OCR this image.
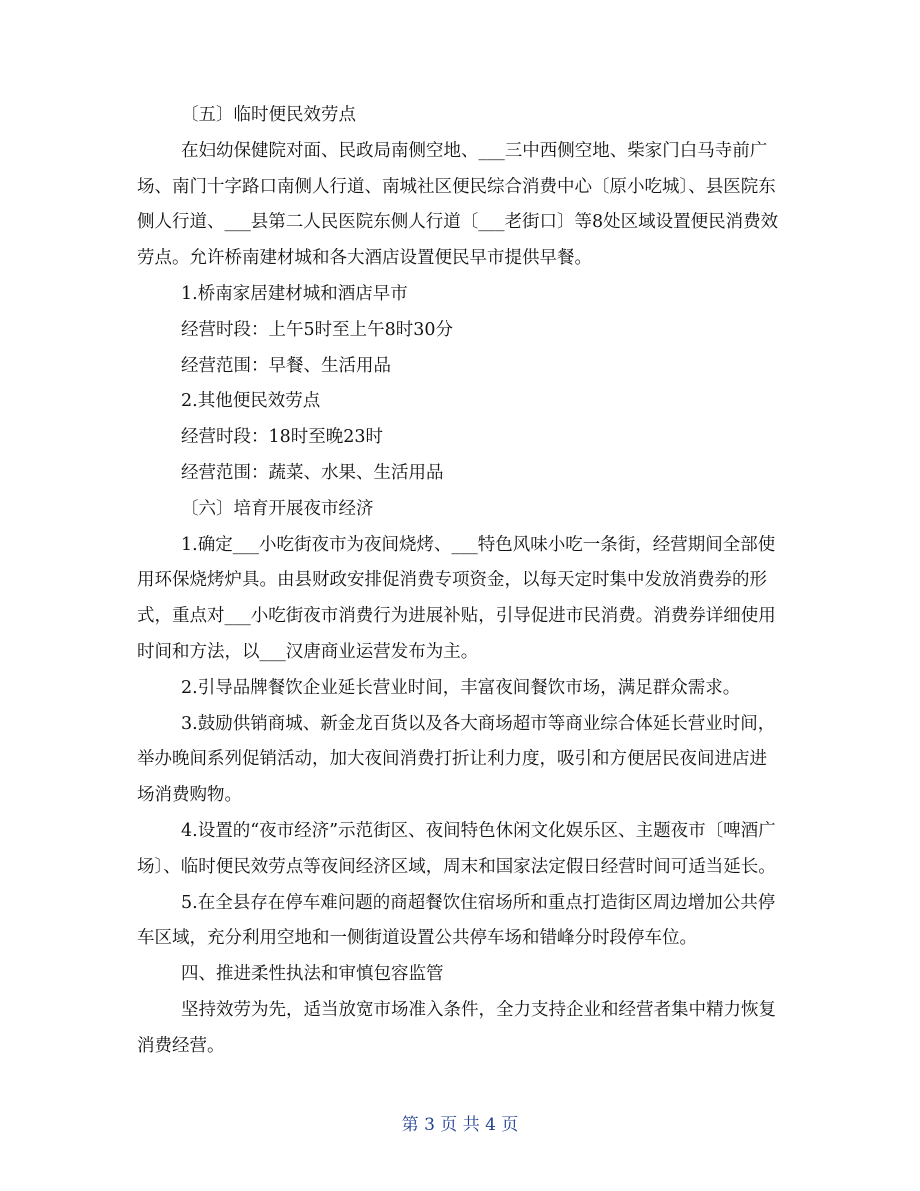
〔五〕临时便民效劳点

在妇幼保健院对面、民政局南侧空地、___三中西侧空地、柴家门白马寺前广场、南门十字路口南侧人行道、南城社区便民综合消费中心〔原小吃城〕、县医院东侧人行道、___县第二人民医院东侧人行道〔___老街口〕等8处区域设置便民消费效劳点。允许桥南建材城和各大酒店设置便民早市提供早餐。

1.桥南家居建材城和酒店早市

经营时段：上午5时至上午8时30分

经营范围：早餐、生活用品

2.其他便民效劳点

经营时段：18时至晚23时

经营范围：蔬菜、水果、生活用品

〔六〕培育开展夜市经济

1.确定___小吃街夜市为夜间烧烤、___特色风味小吃一条街，经营期间全部使用环保烧烤炉具。由县财政安排促消费专项资金，以每天定时集中发放消费券的形式，重点对___小吃街夜市消费行为进展补贴，引导促进市民消费。消费券详细使用时间和方法，以___汉唐商业运营发布为主。

2.引导品牌餐饮企业延长营业时间，丰富夜间餐饮市场，满足群众需求。

3.鼓励供销商城、新金龙百货以及各大商场超市等商业综合体延长营业时间，举办晚间系列促销活动，加大夜间消费打折让利力度，吸引和方便居民夜间进店进场消费购物。

4.设置的“夜市经济”示范街区、夜间特色休闲文化娱乐区、主题夜市〔啤酒广场〕、临时便民效劳点等夜间经济区域，周末和国家法定假日经营时间可适当延长。

5.在全县存在停车难问题的商超餐饮住宿场所和重点打造街区周边增加公共停车区域，充分利用空地和一侧街道设置公共停车场和错峰分时段停车位。

四、推进柔性执法和审慎包容监管

坚持效劳为先，适当放宽市场准入条件，全力支持企业和经营者集中精力恢复消费经营。

第 3 页 共 4 页
